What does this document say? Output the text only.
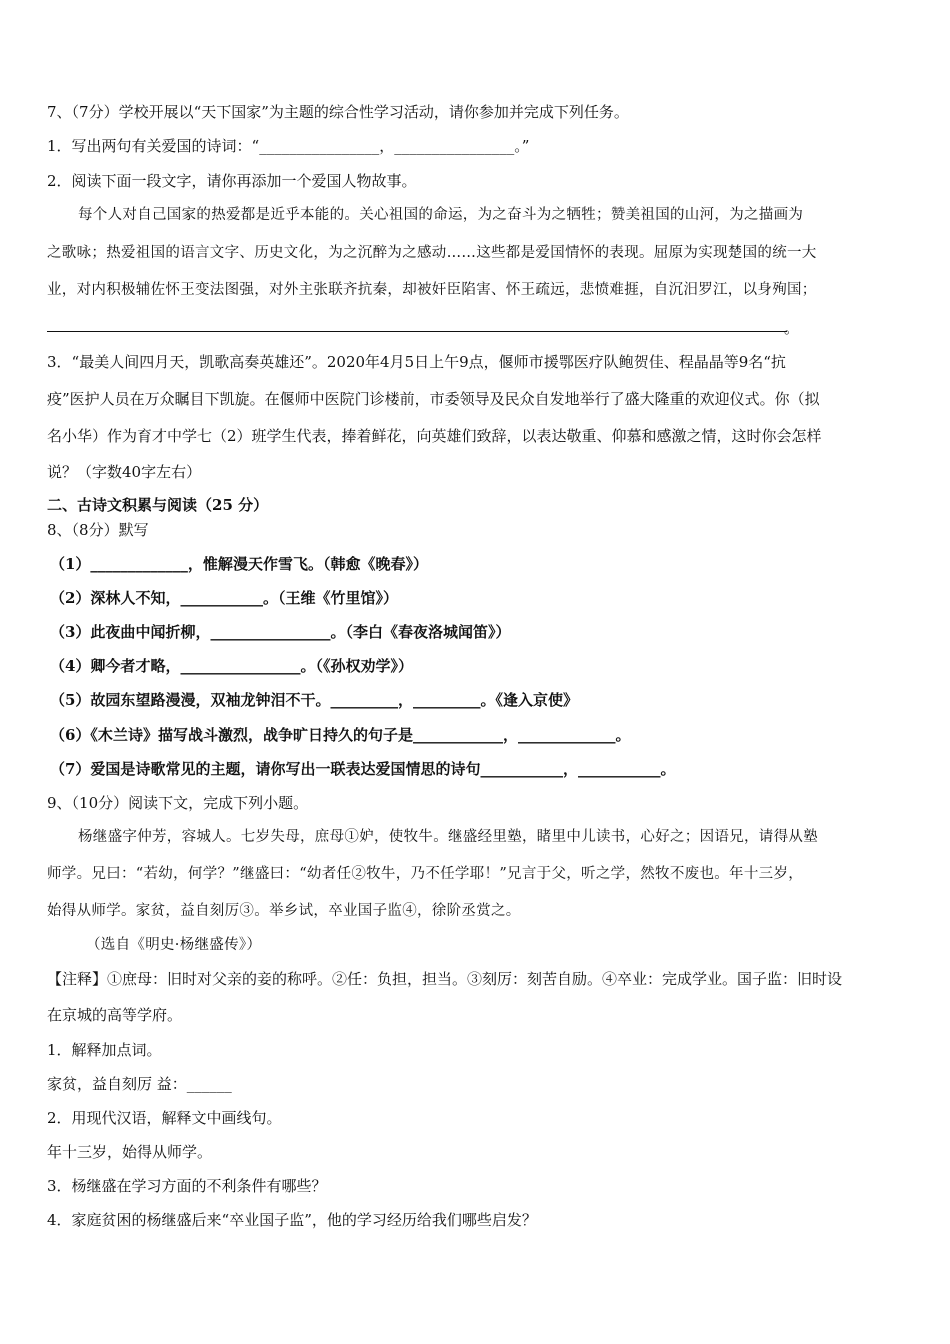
7、（7分）学校开展以“天下国家”为主题的综合性学习活动，请你参加并完成下列任务。
1．写出两句有关爱国的诗词：“________________，________________。”
2．阅读下面一段文字，请你再添加一个爱国人物故事。
每个人对自己国家的热爱都是近乎本能的。关心祖国的命运，为之奋斗为之牺牲；赞美祖国的山河，为之描画为
之歌咏；热爱祖国的语言文字、历史文化，为之沉醉为之感动……这些都是爱国情怀的表现。屈原为实现楚国的统一大
业，对内积极辅佐怀王变法图强，对外主张联齐抗秦，却被奸臣陷害、怀王疏远，悲愤难捱，自沉汨罗江，以身殉国；
。
3．“最美人间四月天，凯歌高奏英雄还”。2020年4月5日上午9点，偃师市援鄂医疗队鲍贺佳、程晶晶等9名“抗
疫”医护人员在万众瞩目下凯旋。在偃师中医院门诊楼前，市委领导及民众自发地举行了盛大隆重的欢迎仪式。你（拟
名小华）作为育才中学七（2）班学生代表，捧着鲜花，向英雄们致辞，以表达敬重、仰慕和感激之情，这时你会怎样
说？（字数40字左右）
二、古诗文积累与阅读（25 分）
8、（8分）默写
（1）_____________，惟解漫天作雪飞。（韩愈《晚春》）
（2）深林人不知，___________。（王维《竹里馆》）
（3）此夜曲中闻折柳，________________。（李白《春夜洛城闻笛》）
（4）卿今者才略，________________。（《孙权劝学》）
（5）故园东望路漫漫，双袖龙钟泪不干。_________，_________。《逢入京使》
（6）《木兰诗》描写战斗激烈，战争旷日持久的句子是____________，_____________。
（7）爱国是诗歌常见的主题，请你写出一联表达爱国情思的诗句___________，___________。
9、（10分）阅读下文，完成下列小题。
杨继盛字仲芳，容城人。七岁失母，庶母①妒，使牧牛。继盛经里塾，睹里中儿读书，心好之；因语兄，请得从塾
师学。兄曰：“若幼，何学？”继盛曰：“幼者任②牧牛，乃不任学耶！”兄言于父，听之学，然牧不废也。年十三岁，
始得从师学。家贫，益自刻厉③。举乡试，卒业国子监④，徐阶丞赏之。
（选自《明史·杨继盛传》）
【注释】①庶母：旧时对父亲的妾的称呼。②任：负担，担当。③刻厉：刻苦自励。④卒业：完成学业。国子监：旧时设
在京城的高等学府。
1．解释加点词。
家贫，益自刻厉 益：______
2．用现代汉语，解释文中画线句。
年十三岁，始得从师学。
3．杨继盛在学习方面的不利条件有哪些？
4．家庭贫困的杨继盛后来“卒业国子监”，他的学习经历给我们哪些启发？
